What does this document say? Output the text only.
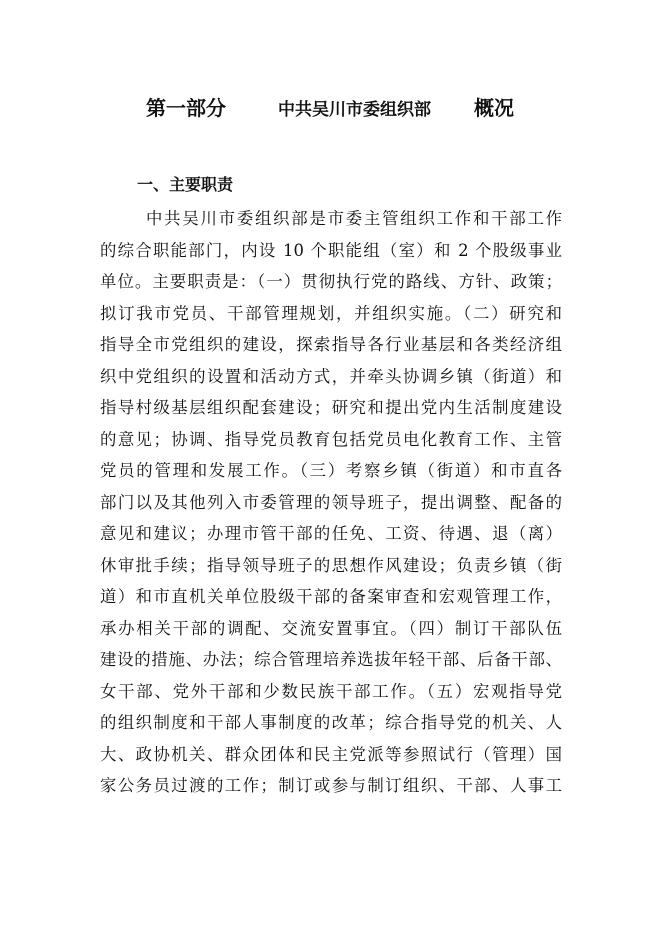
第一部分	中共吴川市委组织部 概况
一、主要职责
中共吴川市委组织部是市委主管组织工作和干部工作
的综合职能部门，内设 10 个职能组（室）和 2 个股级事业
单位。主要职责是：（一）贯彻执行党的路线、方针、政策；
拟订我市党员、干部管理规划，并组织实施。（二）研究和
指导全市党组织的建设，探索指导各行业基层和各类经济组
织中党组织的设置和活动方式，并牵头协调乡镇（街道）和
指导村级基层组织配套建设；研究和提出党内生活制度建设
的意见；协调、指导党员教育包括党员电化教育工作、主管
党员的管理和发展工作。（三）考察乡镇（街道）和市直各
部门以及其他列入市委管理的领导班子，提出调整、配备的
意见和建议；办理市管干部的任免、工资、待遇、退（离）
休审批手续；指导领导班子的思想作风建设；负责乡镇（街
道）和市直机关单位股级干部的备案审查和宏观管理工作，
承办相关干部的调配、交流安置事宜。（四）制订干部队伍
建设的措施、办法；综合管理培养选拔年轻干部、后备干部、
女干部、党外干部和少数民族干部工作。（五）宏观指导党
的组织制度和干部人事制度的改革；综合指导党的机关、人
大、政协机关、群众团体和民主党派等参照试行（管理）国
家公务员过渡的工作；制订或参与制订组织、干部、人事工
